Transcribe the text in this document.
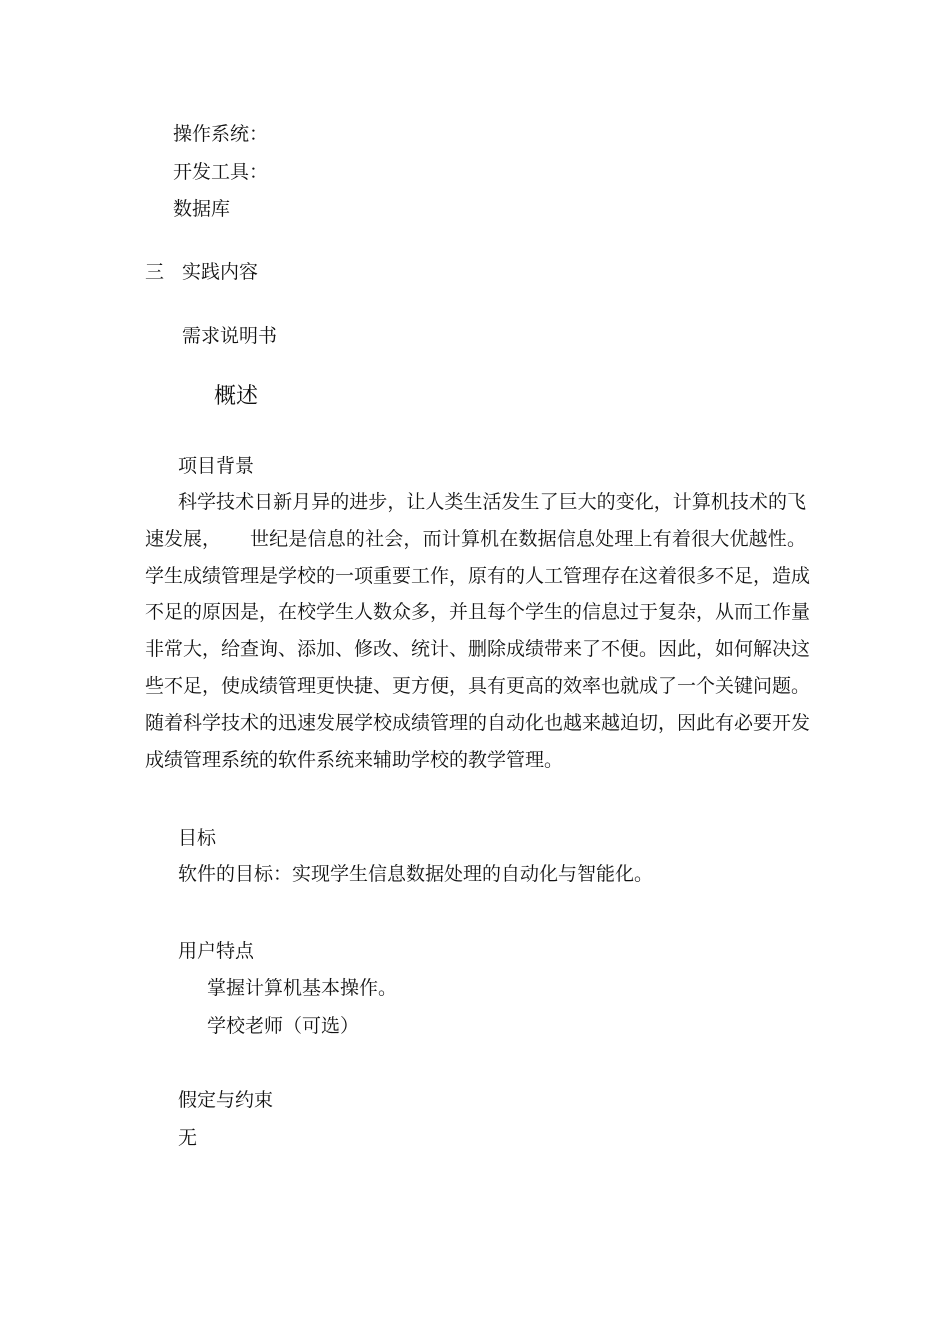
操作系统：

开发工具：

数据库

三 实践内容

需求说明书

概述

项目背景

科学技术日新月异的进步，让人类生活发生了巨大的变化，计算机技术的飞

速发展， 世纪是信息的社会，而计算机在数据信息处理上有着很大优越性。

学生成绩管理是学校的一项重要工作，原有的人工管理存在这着很多不足，造成

不足的原因是，在校学生人数众多，并且每个学生的信息过于复杂，从而工作量

非常大，给查询、添加、修改、统计、删除成绩带来了不便。因此，如何解决这

些不足，使成绩管理更快捷、更方便，具有更高的效率也就成了一个关键问题。

随着科学技术的迅速发展学校成绩管理的自动化也越来越迫切，因此有必要开发

成绩管理系统的软件系统来辅助学校的教学管理。

目标

软件的目标：实现学生信息数据处理的自动化与智能化。

用户特点

掌握计算机基本操作。

学校老师（可选）

假定与约束

无
